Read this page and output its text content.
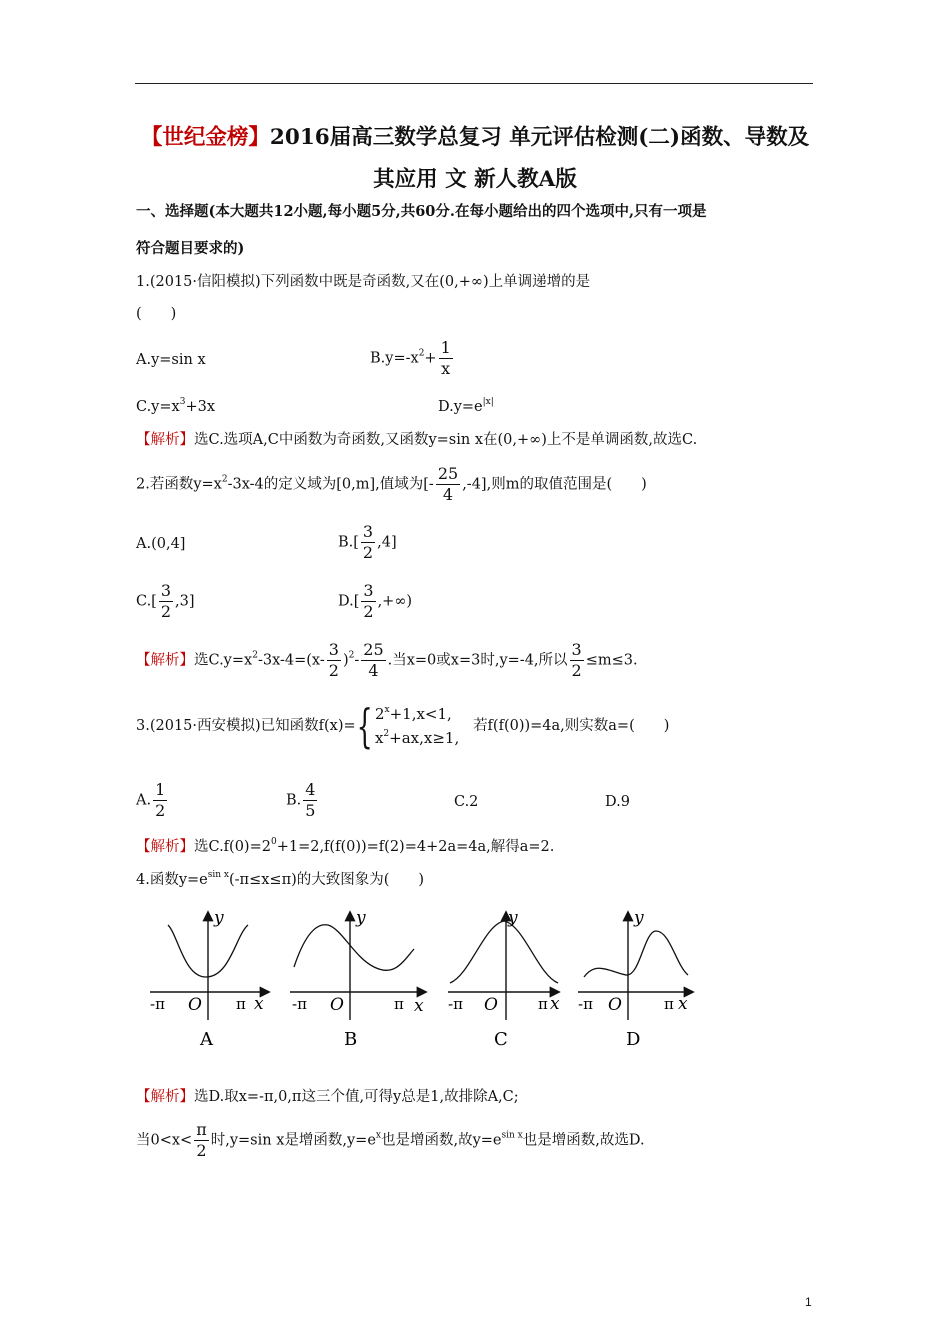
【世纪金榜】2016届高三数学总复习 单元评估检测(二)函数、导数及
其应用 文 新人教A版
一、选择题(本大题共12小题,每小题5分,共60分.在每小题给出的四个选项中,只有一项是
符合题目要求的)
1.(2015·信阳模拟)下列函数中既是奇函数,又在(0,+∞)上单调递增的是
(　　)
A.y=sin x	$B.y=-x^2+ \frac{1}{x}$
$C.y=x^3+3x$	$D.y=e^{|x|}$
【解析】选C.选项A,C中函数为奇函数,又函数y=sin x在(0,+∞)上不是单调函数,故选C.
2.若函数$y=x^2-3x-4$的定义域为[0,m],值域为[- $\frac{25}{4} ,-4$],则m的取值范围是(　　)
A.(0,4]	$B.[ \frac{3}{2} ,4]$
$C.[ \frac{3}{2} ,3]$	$D.[ \frac{3}{2}$ ,+∞)
【解析】选$C.y=x^2-3x-4=(x- \frac{3}{2} )^2- \frac{25}{4}$ .当x=0或x=3时,y=-4,所以 $\frac{3}{2} \le m\le 3$.
3.(2015·西安模拟)已知函数f(x)={ $2^x+1,x<1$,
$x^2+ax,x\ge 1$,
若f(f(0))=4a,则实数a=(　　)
A. $\frac{1}{2}$	B. $\frac{4}{5}$	C.2	D.9
【解析】选$C.f(0)=2^0+1=2,f(f(0))=f(2)=4+2a=4a$,解得a=2.
4.函数$y=e^{sin x}(-\pi\le x\le\pi)$的大致图象为(　　)
y
-π O π x
A
y
-π O	π x
B
y
-π O	π x
C
y
-π O	π x
D
【解析】选D.取x=-π,0,π这三个值,可得y总是1,故排除A,C;
当$0<x< \frac{\pi}{2}$ 时,y=sin x是增函数$,y=e^x$也是增函数,故$y=e^{sin x}$也是增函数,故选D.
1
